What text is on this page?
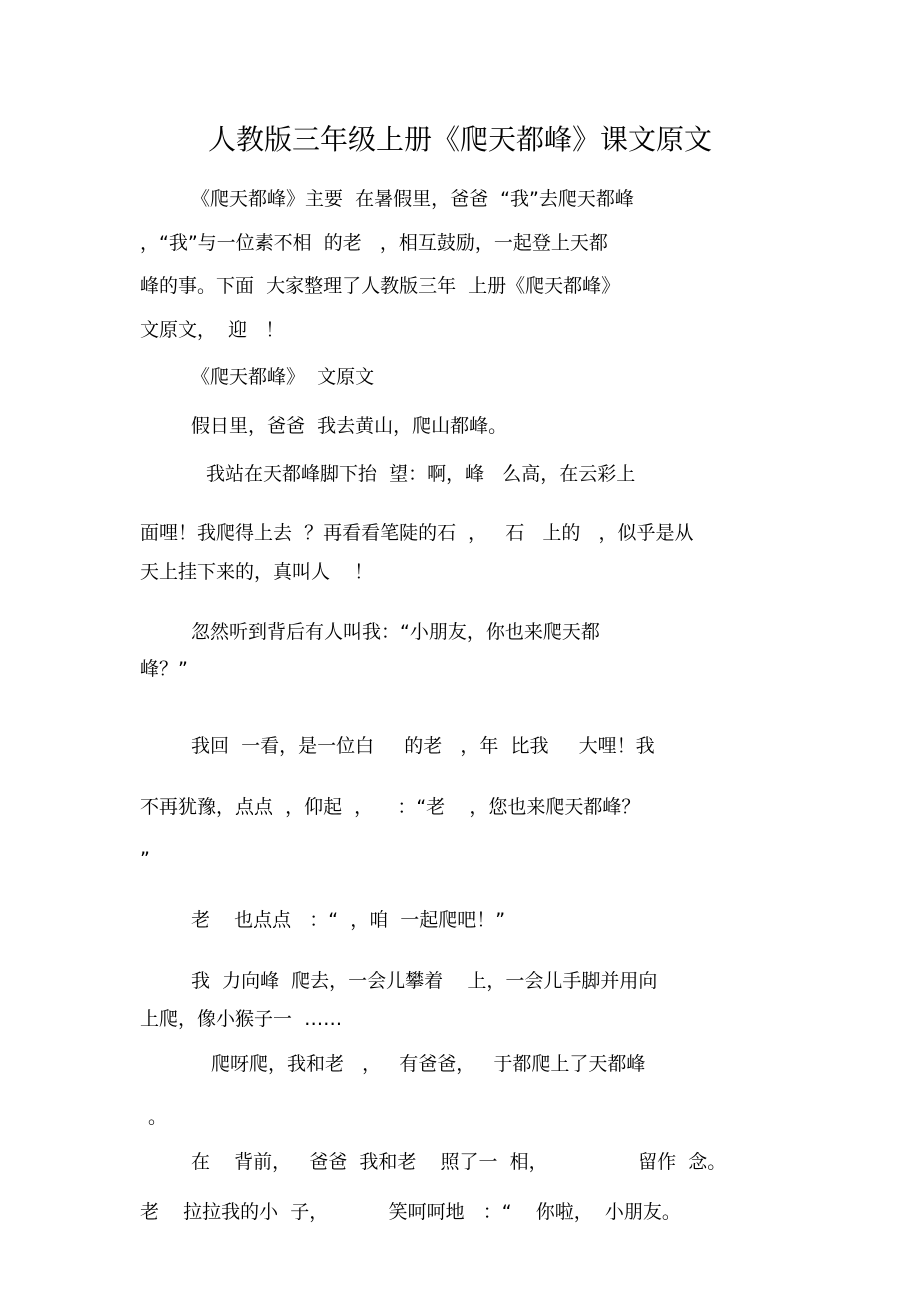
人教版三年级上册《爬天都峰》课文原文
《爬天都峰》主要  在暑假里，爸爸  “我”去爬天都峰
，“我”与一位素不相  的老   ，相互鼓励，一起登上天都
峰的事。下面  大家整理了人教版三年  上册《爬天都峰》
文原文，  迎   ！
《爬天都峰》  文原文
假日里，爸爸  我去黄山，爬山都峰。
我站在天都峰脚下抬  望：啊，峰   么高，在云彩上
面哩！我爬得上去  ？再看看笔陡的石  ，   石   上的   ，似乎是从
天上挂下来的，真叫人    ！
忽然听到背后有人叫我：“小朋友，你也来爬天都
峰？”
我回  一看，是一位白     的老   ，年  比我     大哩！我
不再犹豫，点点  ，仰起  ，    ：“老    ，您也来爬天都峰？
”
老    也点点   ：“  ，咱  一起爬吧！”
我  力向峰  爬去，一会儿攀着    上，一会儿手脚并用向
上爬，像小猴子一  ……
爬呀爬，我和老   ，   有爸爸，   于都爬上了天都峰
。
在    背前，   爸爸  我和老    照了一  相，               留作  念。
老    拉拉我的小  子，          笑呵呵地   ：“    你啦，  小朋友。
